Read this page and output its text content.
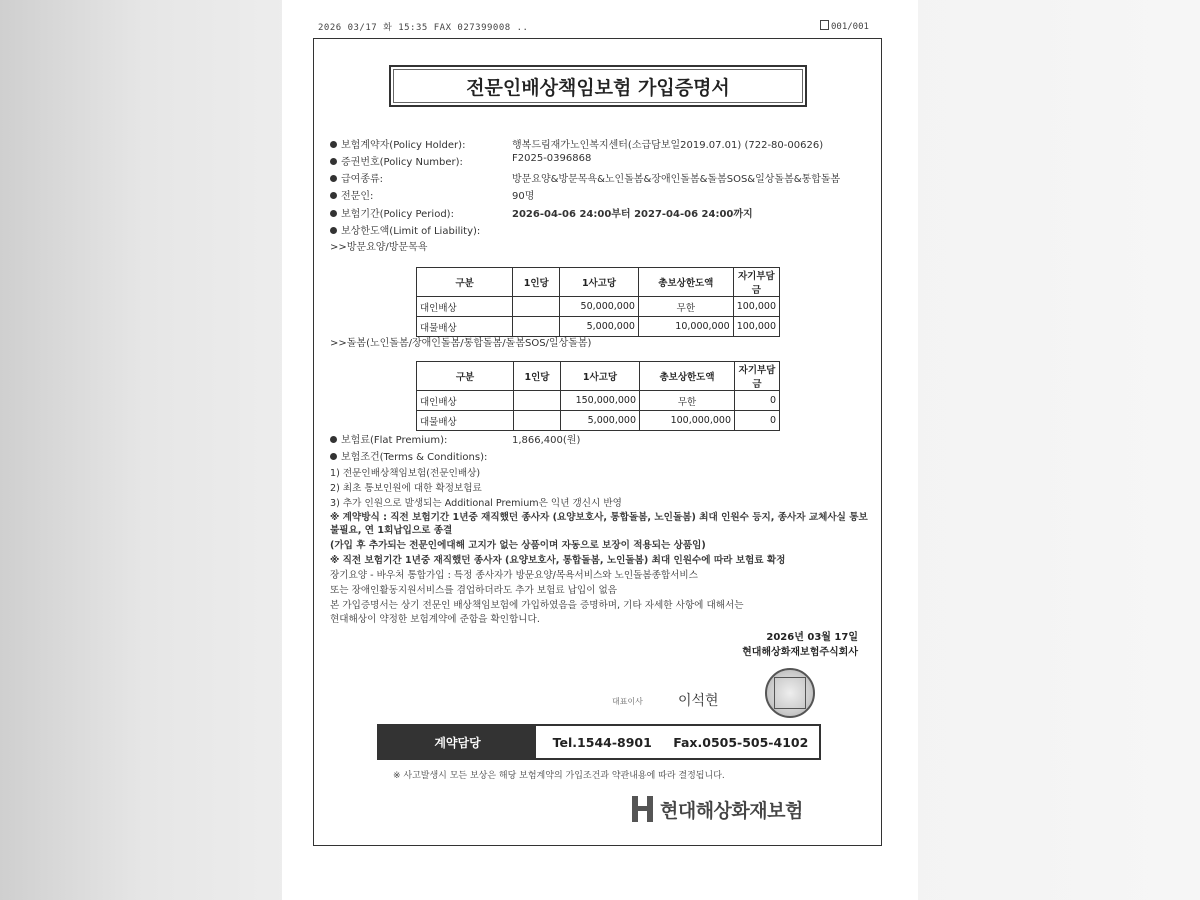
2026 03/17 화 15:35 FAX 027399008 ..	001/001
전문인배상책임보험 가입증명서
보험계약자(Policy Holder):	행복드림재가노인복지센터(소급담보일2019.07.01) (722-80-00626)
증권번호(Policy Number):	F2025-0396868
급여종류:	방문요양&방문목욕&노인돌봄&장애인돌봄&돌봄SOS&일상돌봄&통합돌봄
전문인:	90명
보험기간(Policy Period):	2026-04-06 24:00부터 2027-04-06 24:00까지
보상한도액(Limit of Liability):
>>방문요양/방문목욕
구분	1인당	1사고당	총보상한도액	자기부담금
대인배상		50,000,000	무한	100,000
대물배상		5,000,000	10,000,000	100,000
>>돌봄(노인돌봄/장애인돌봄/통합돌봄/돌봄SOS/일상돌봄)
구분	1인당	1사고당	총보상한도액	자기부담금
대인배상		150,000,000	무한	0
대물배상		5,000,000	100,000,000	0
보험료(Flat Premium):	1,866,400(원)
보험조건(Terms & Conditions):
1) 전문인배상책임보험(전문인배상)
2) 최초 통보인원에 대한 확정보험료
3) 추가 인원으로 발생되는 Additional Premium은 익년 갱신시 반영
※ 계약방식 : 직전 보험기간 1년중 재직했던 종사자 (요양보호사, 통합돌봄, 노인돌봄) 최대 인원수 등지, 종사자 교체사실 통보
불필요, 연 1회납입으로 종결
(가입 후 추가되는 전문인에대해 고지가 없는 상품이며 자동으로 보장이 적용되는 상품임)
※ 직전 보험기간 1년중 재직했던 종사자 (요양보호사, 통합돌봄, 노인돌봄) 최대 인원수에 따라 보험료 확정
장기요양 - 바우처 통합가입 : 특정 종사자가 방문요양/목욕서비스와 노인돌봄종합서비스
또는 장애인활동지원서비스를 겸업하더라도 추가 보험료 납입이 없음
본 가입증명서는 상기 전문인 배상책임보험에 가입하였음을 증명하며, 기타 자세한 사항에 대해서는
현대해상이 약정한 보험계약에 준함을 확인합니다.
2026년 03월 17일
현대해상화재보험주식회사
대표이사	이석현
계약담당	Tel.1544-8901 Fax.0505-505-4102
※ 사고발생시 모든 보상은 해당 보험계약의 가입조건과 약관내용에 따라 결정됩니다.
현대해상화재보험
